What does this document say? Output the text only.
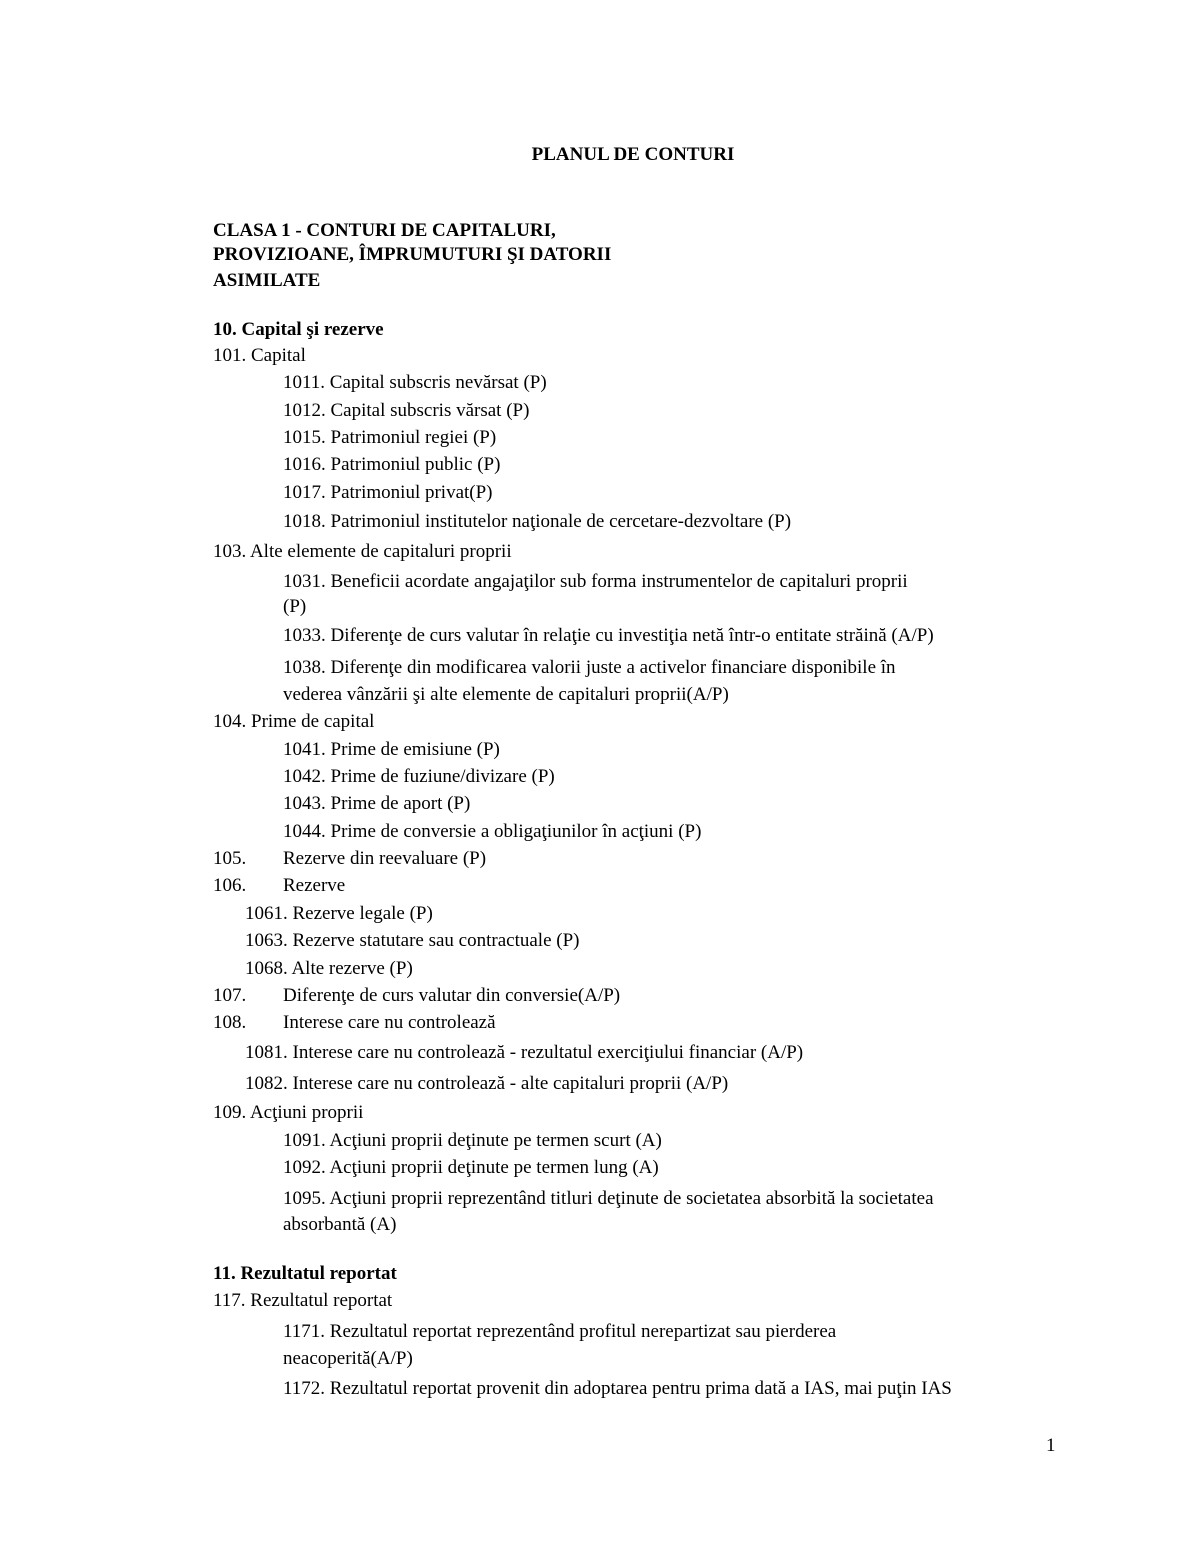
PLANUL DE CONTURI
CLASA 1 - CONTURI DE CAPITALURI,
PROVIZIOANE, ÎMPRUMUTURI ŞI DATORII
ASIMILATE
10. Capital şi rezerve
101. Capital
1011. Capital subscris nevărsat (P)
1012. Capital subscris vărsat (P)
1015. Patrimoniul regiei (P)
1016. Patrimoniul public (P)
1017. Patrimoniul privat(P)
1018. Patrimoniul institutelor naţionale de cercetare-dezvoltare (P)
103. Alte elemente de capitaluri proprii
1031. Beneficii acordate angajaţilor sub forma instrumentelor de capitaluri proprii
(P)
1033. Diferenţe de curs valutar în relaţie cu investiţia netă într-o entitate străină (A/P)
1038. Diferenţe din modificarea valorii juste a activelor financiare disponibile în
vederea vânzării şi alte elemente de capitaluri proprii(A/P)
104. Prime de capital
1041. Prime de emisiune (P)
1042. Prime de fuziune/divizare (P)
1043. Prime de aport (P)
1044. Prime de conversie a obligaţiunilor în acţiuni (P)
105. Rezerve din reevaluare (P)
106. Rezerve
1061. Rezerve legale (P)
1063. Rezerve statutare sau contractuale (P)
1068. Alte rezerve (P)
107. Diferenţe de curs valutar din conversie(A/P)
108. Interese care nu controlează
1081. Interese care nu controlează - rezultatul exerciţiului financiar (A/P)
1082. Interese care nu controlează - alte capitaluri proprii (A/P)
109. Acţiuni proprii
1091. Acţiuni proprii deţinute pe termen scurt (A)
1092. Acţiuni proprii deţinute pe termen lung (A)
1095. Acţiuni proprii reprezentând titluri deţinute de societatea absorbită la societatea
absorbantă (A)
11. Rezultatul reportat
117. Rezultatul reportat
1171. Rezultatul reportat reprezentând profitul nerepartizat sau pierderea
neacoperită(A/P)
1172. Rezultatul reportat provenit din adoptarea pentru prima dată a IAS, mai puţin IAS
1
